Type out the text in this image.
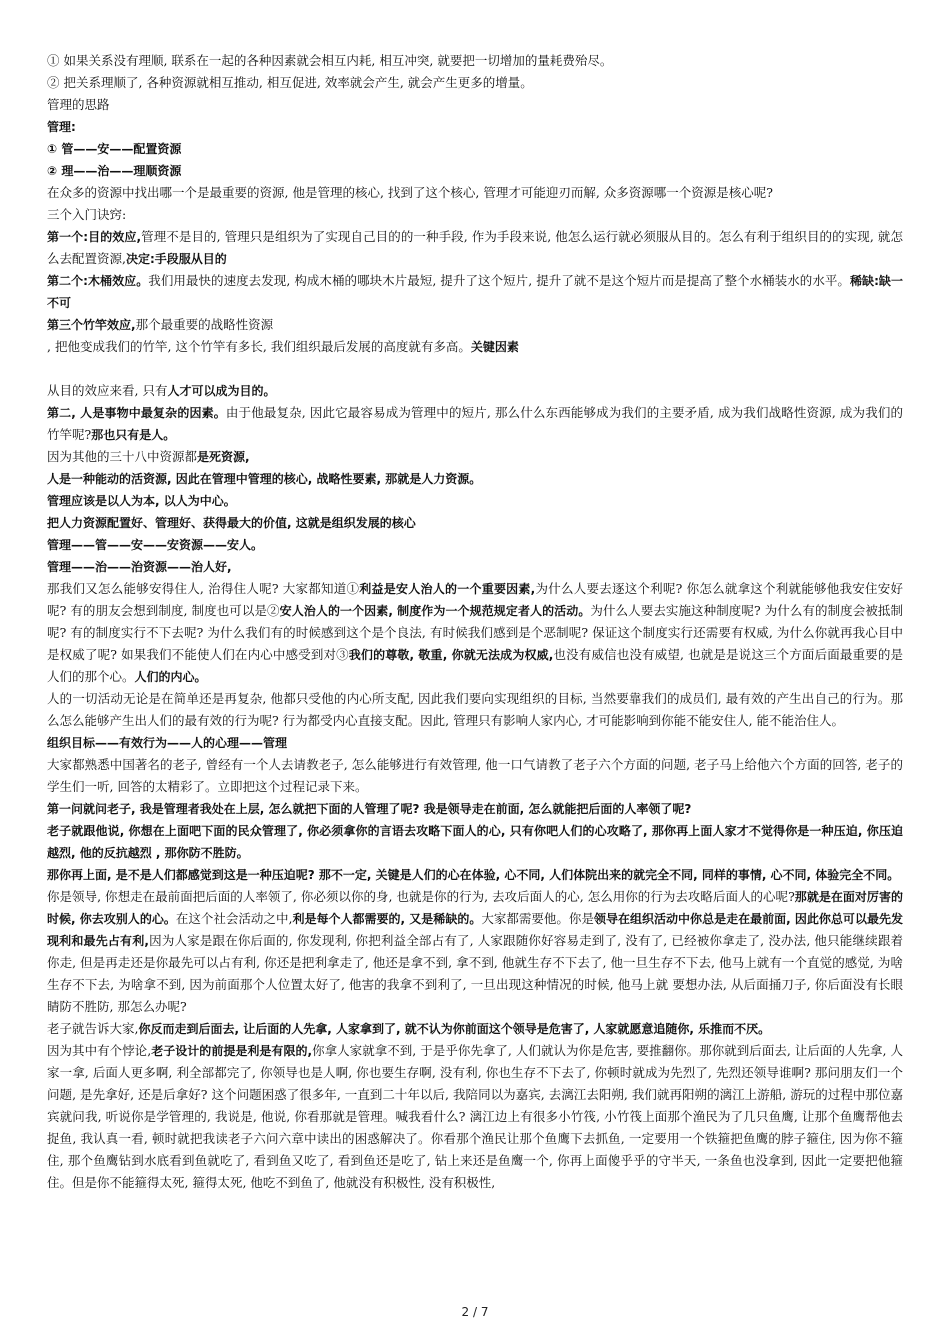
① 如果关系没有理顺, 联系在一起的各种因素就会相互内耗, 相互冲突, 就要把一切增加的量耗费殆尽。

② 把关系理顺了, 各种资源就相互推动, 相互促进, 效率就会产生, 就会产生更多的增量。

管理的思路

管理:

① 管——安——配置资源

② 理——治——理顺资源

在众多的资源中找出哪一个是最重要的资源, 他是管理的核心, 找到了这个核心, 管理才可能迎刃而解, 众多资源哪一个资源是核心呢?

三个入门诀窍:

第一个:目的效应,管理不是目的, 管理只是组织为了实现自己目的的一种手段, 作为手段来说, 他怎么运行就必须服从目的。怎么有利于组织目的的实现, 就怎么去配置资源,决定:手段服从目的

第二个:木桶效应。我们用最快的速度去发现, 构成木桶的哪块木片最短, 提升了这个短片, 提升了就不是这个短片而是提高了整个水桶装水的水平。稀缺:缺一不可

第三个竹竿效应,那个最重要的战略性资源

, 把他变成我们的竹竿, 这个竹竿有多长, 我们组织最后发展的高度就有多高。关键因素

从目的效应来看, 只有人才可以成为目的。

第二, 人是事物中最复杂的因素。由于他最复杂, 因此它最容易成为管理中的短片, 那么什么东西能够成为我们的主要矛盾, 成为我们战略性资源, 成为我们的竹竿呢?那也只有是人。

因为其他的三十八中资源都是死资源,

人是一种能动的活资源, 因此在管理中管理的核心, 战略性要素, 那就是人力资源。

管理应该是以人为本, 以人为中心。

把人力资源配置好、管理好、获得最大的价值, 这就是组织发展的核心

管理——管——安——安资源——安人。

管理——治——治资源——治人好,

那我们又怎么能够安得住人, 治得住人呢? 大家都知道①利益是安人治人的一个重要因素,为什么人要去逐这个利呢? 你怎么就拿这个利就能够他我安住安好呢? 有的朋友会想到制度, 制度也可以是②安人治人的一个因素, 制度作为一个规范规定者人的活动。为什么人要去实施这种制度呢? 为什么有的制度会被抵制呢? 有的制度实行不下去呢? 为什么我们有的时候感到这个是个良法, 有时候我们感到是个恶制呢? 保证这个制度实行还需要有权威, 为什么你就再我心目中是权威了呢? 如果我们不能使人们在内心中感受到对③我们的尊敬, 敬重, 你就无法成为权威,也没有威信也没有威望, 也就是是说这三个方面后面最重要的是人们的那个心。人们的内心。

人的一切活动无论是在简单还是再复杂, 他都只受他的内心所支配, 因此我们要向实现组织的目标, 当然要靠我们的成员们, 最有效的产生出自己的行为。那么怎么能够产生出人们的最有效的行为呢? 行为都受内心直接支配。因此, 管理只有影响人家内心, 才可能影响到你能不能安住人, 能不能治住人。

组织目标——有效行为——人的心理——管理

大家都熟悉中国著名的老子, 曾经有一个人去请教老子, 怎么能够进行有效管理, 他一口气请教了老子六个方面的问题, 老子马上给他六个方面的回答, 老子的学生们一听, 回答的太精彩了。立即把这个过程记录下来。

第一问就问老子, 我是管理者我处在上层, 怎么就把下面的人管理了呢? 我是领导走在前面, 怎么就能把后面的人率领了呢?

老子就跟他说, 你想在上面吧下面的民众管理了, 你必须拿你的言语去攻略下面人的心, 只有你吧人们的心攻略了, 那你再上面人家才不觉得你是一种压迫, 你压迫越烈, 他的反抗越烈 , 那你防不胜防。

那你再上面, 是不是人们都感觉到这是一种压迫呢? 那不一定, 关键是人们的心在体验, 心不同, 人们体院出来的就完全不同, 同样的事情, 心不同, 体验完全不同。

你是领导, 你想走在最前面把后面的人率领了, 你必须以你的身, 也就是你的行为, 去攻后面人的心, 怎么用你的行为去攻略后面人的心呢?那就是在面对厉害的时候, 你去攻别人的心。在这个社会活动之中,利是每个人都需要的, 又是稀缺的。大家都需要他。你是领导在组织活动中你总是走在最前面, 因此你总可以最先发现利和最先占有利,因为人家是跟在你后面的, 你发现利, 你把利益全部占有了, 人家跟随你好容易走到了, 没有了, 已经被你拿走了, 没办法, 他只能继续跟着你走, 但是再走还是你最先可以占有利, 你还是把利拿走了, 他还是拿不到, 拿不到, 他就生存不下去了, 他一旦生存不下去, 他马上就有一个直觉的感觉, 为啥生存不下去, 为啥拿不到, 因为前面那个人位置太好了, 他害的我拿不到利了, 一旦出现这种情况的时候, 他马上就 要想办法, 从后面捅刀子, 你后面没有长眼睛防不胜防, 那怎么办呢?

老子就告诉大家,你反而走到后面去, 让后面的人先拿, 人家拿到了, 就不认为你前面这个领导是危害了, 人家就愿意追随你, 乐推而不厌。

因为其中有个悖论,老子设计的前提是利是有限的,你拿人家就拿不到, 于是乎你先拿了, 人们就认为你是危害, 要推翻你。那你就到后面去, 让后面的人先拿, 人家一拿, 后面人更多啊, 利全部都完了, 你领导也是人啊, 你也要生存啊, 没有利, 你也生存不下去了, 你顿时就成为先烈了, 先烈还领导谁啊? 那问朋友们一个问题, 是先拿好, 还是后拿好? 这个问题困惑了很多年, 一直到二十年以后, 我陪同以为嘉宾, 去漓江去阳朔, 我们就再阳朔的漓江上游船, 游玩的过程中那位嘉宾就问我, 听说你是学管理的, 我说是, 他说, 你看那就是管理。喊我看什么? 漓江边上有很多小竹筏, 小竹筏上面那个渔民为了几只鱼鹰, 让那个鱼鹰帮他去捉鱼, 我认真一看, 顿时就把我读老子六问六章中读出的困惑解决了。你看那个渔民让那个鱼鹰下去抓鱼, 一定要用一个铁箍把鱼鹰的脖子箍住, 因为你不箍住, 那个鱼鹰钻到水底看到鱼就吃了, 看到鱼又吃了, 看到鱼还是吃了, 钻上来还是鱼鹰一个, 你再上面傻乎乎的守半天, 一条鱼也没拿到, 因此一定要把他箍住。但是你不能箍得太死, 箍得太死, 他吃不到鱼了, 他就没有积极性, 没有积极性,

2 / 7
